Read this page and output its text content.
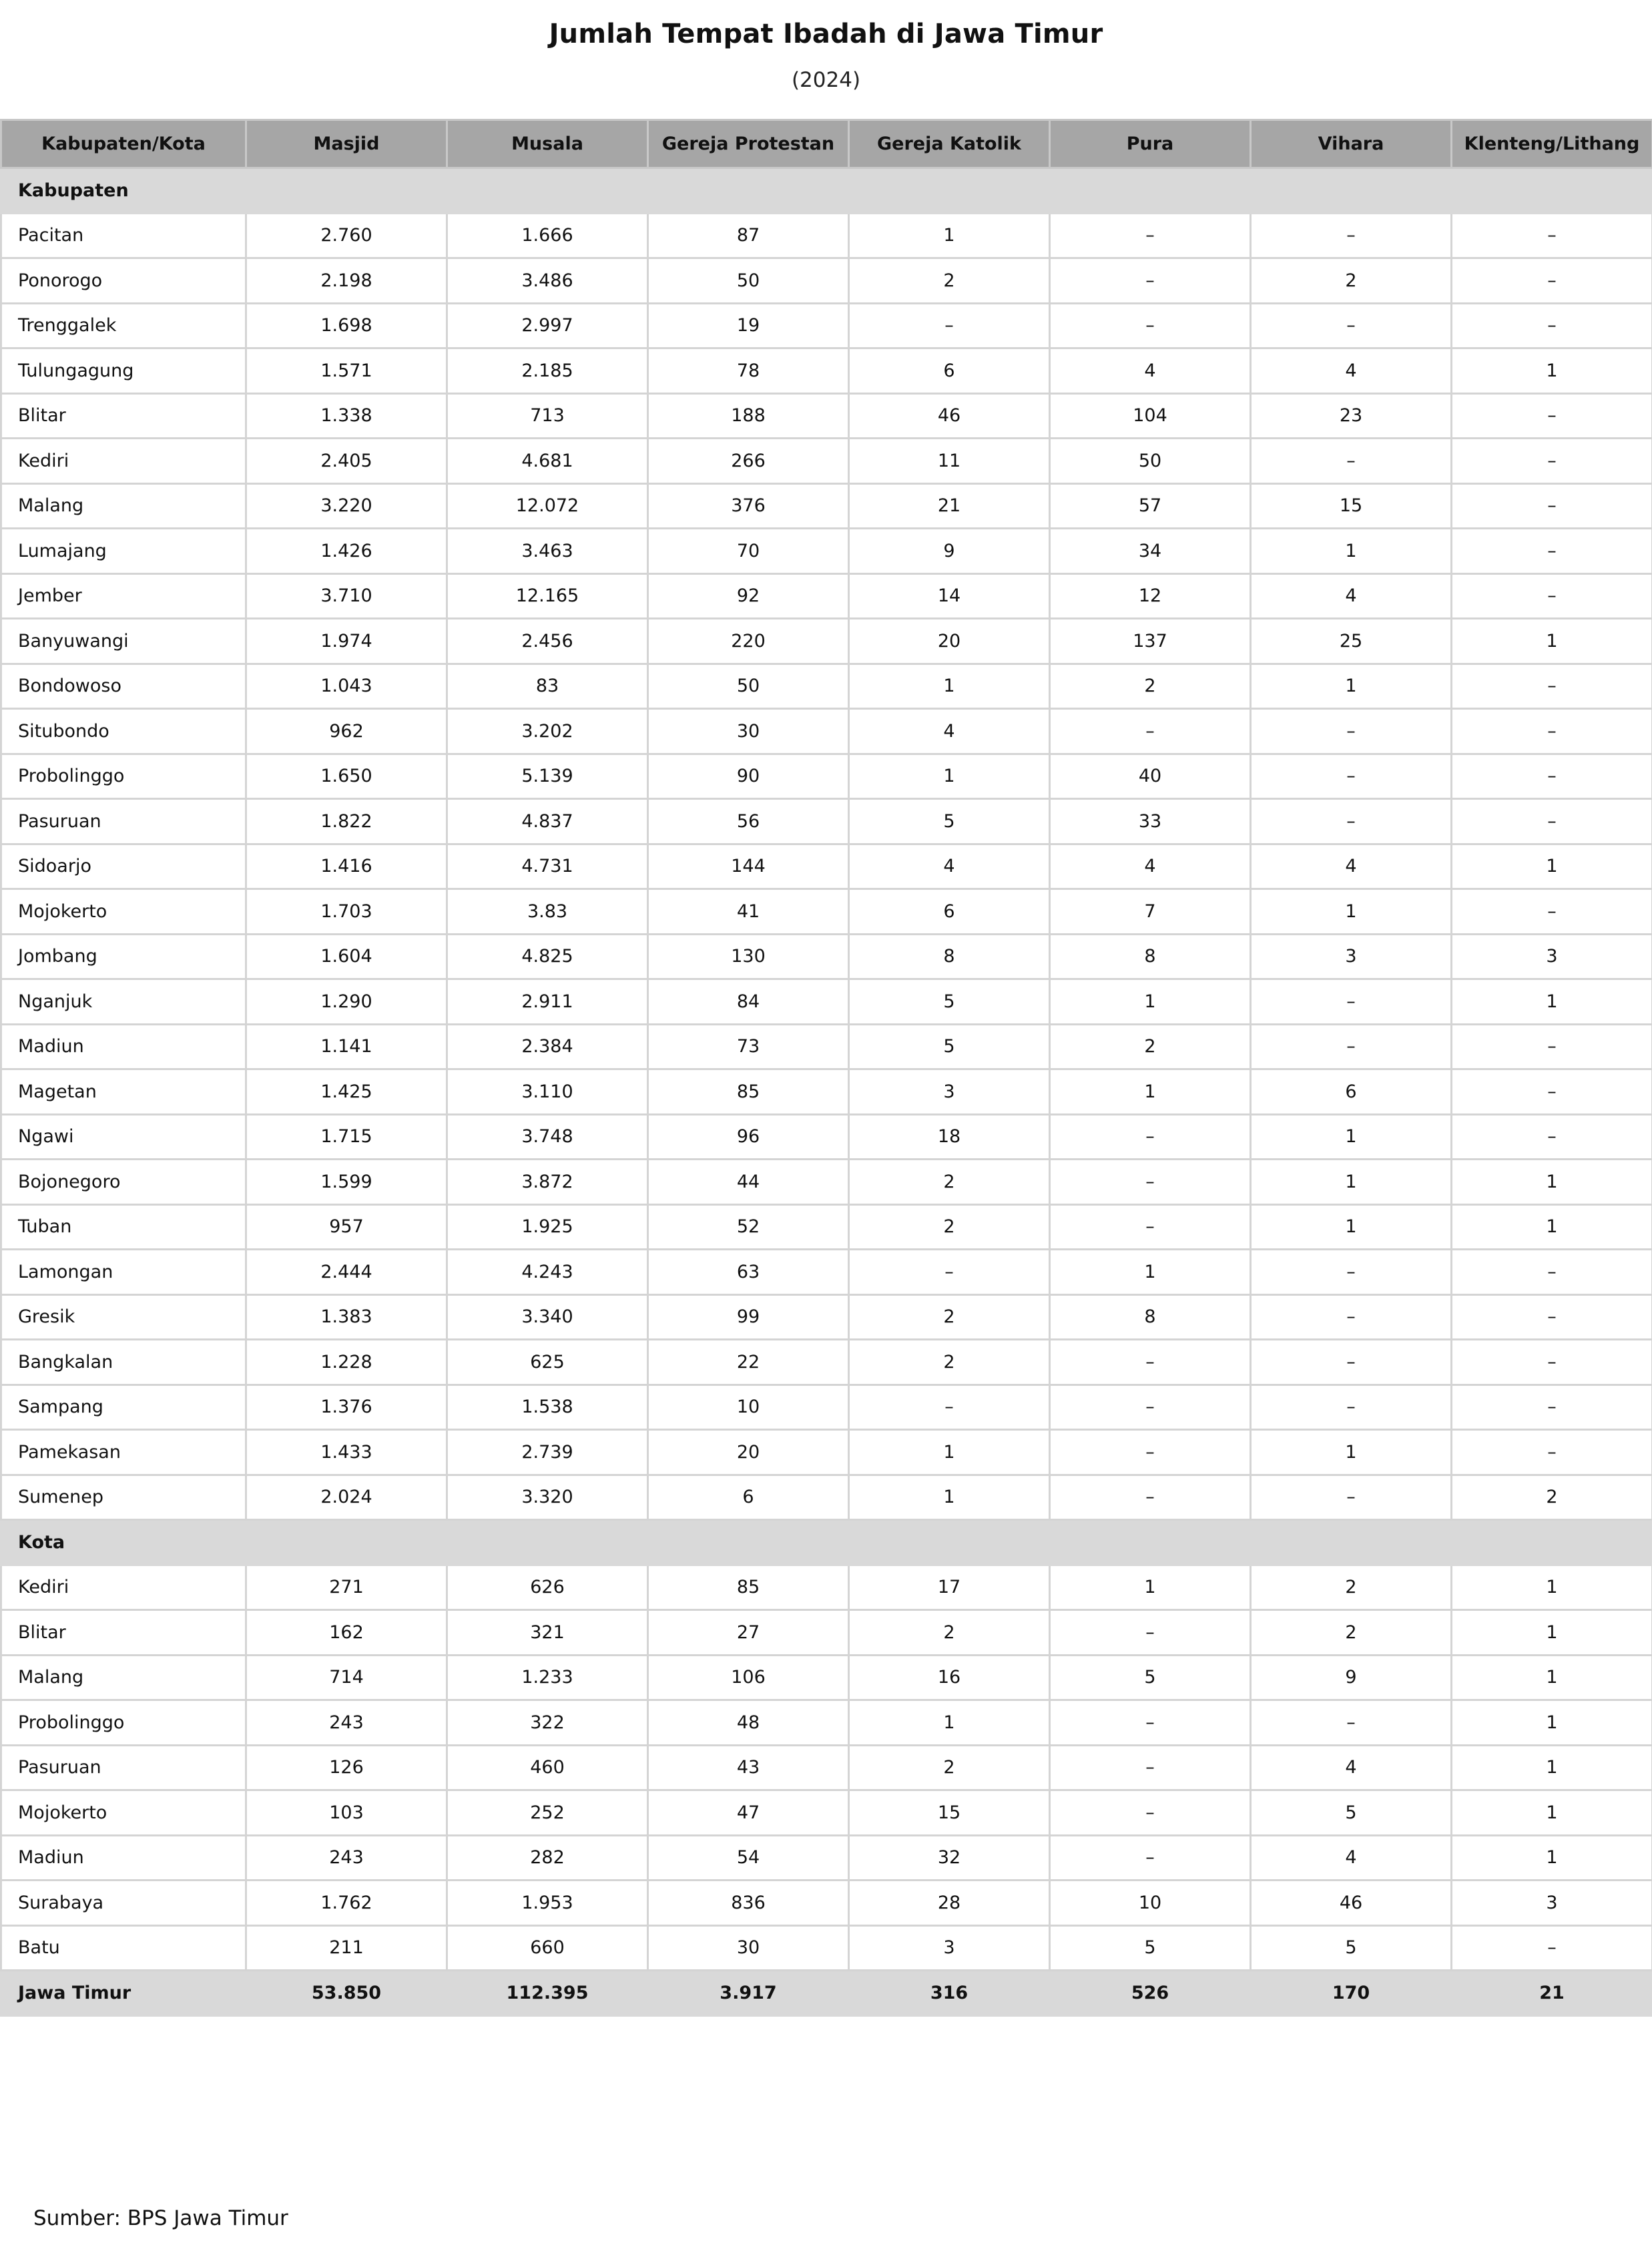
Jumlah Tempat Ibadah di Jawa Timur
(2024)
Kabupaten/Kota	Masjid	Musala	Gereja Protestan	Gereja Katolik	Pura	Vihara	Klenteng/Lithang
Kabupaten							
Pacitan	2.760	1.666	87	1	–	–	–
Ponorogo	2.198	3.486	50	2	–	2	–
Trenggalek	1.698	2.997	19	–	–	–	–
Tulungagung	1.571	2.185	78	6	4	4	1
Blitar	1.338	713	188	46	104	23	–
Kediri	2.405	4.681	266	11	50	–	–
Malang	3.220	12.072	376	21	57	15	–
Lumajang	1.426	3.463	70	9	34	1	–
Jember	3.710	12.165	92	14	12	4	–
Banyuwangi	1.974	2.456	220	20	137	25	1
Bondowoso	1.043	83	50	1	2	1	–
Situbondo	962	3.202	30	4	–	–	–
Probolinggo	1.650	5.139	90	1	40	–	–
Pasuruan	1.822	4.837	56	5	33	–	–
Sidoarjo	1.416	4.731	144	4	4	4	1
Mojokerto	1.703	3.83	41	6	7	1	–
Jombang	1.604	4.825	130	8	8	3	3
Nganjuk	1.290	2.911	84	5	1	–	1
Madiun	1.141	2.384	73	5	2	–	–
Magetan	1.425	3.110	85	3	1	6	–
Ngawi	1.715	3.748	96	18	–	1	–
Bojonegoro	1.599	3.872	44	2	–	1	1
Tuban	957	1.925	52	2	–	1	1
Lamongan	2.444	4.243	63	–	1	–	–
Gresik	1.383	3.340	99	2	8	–	–
Bangkalan	1.228	625	22	2	–	–	–
Sampang	1.376	1.538	10	–	–	–	–
Pamekasan	1.433	2.739	20	1	–	1	–
Sumenep	2.024	3.320	6	1	–	–	2
Kota							
Kediri	271	626	85	17	1	2	1
Blitar	162	321	27	2	–	2	1
Malang	714	1.233	106	16	5	9	1
Probolinggo	243	322	48	1	–	–	1
Pasuruan	126	460	43	2	–	4	1
Mojokerto	103	252	47	15	–	5	1
Madiun	243	282	54	32	–	4	1
Surabaya	1.762	1.953	836	28	10	46	3
Batu	211	660	30	3	5	5	–
Jawa Timur	53.850	112.395	3.917	316	526	170	21
Sumber: BPS Jawa Timur
